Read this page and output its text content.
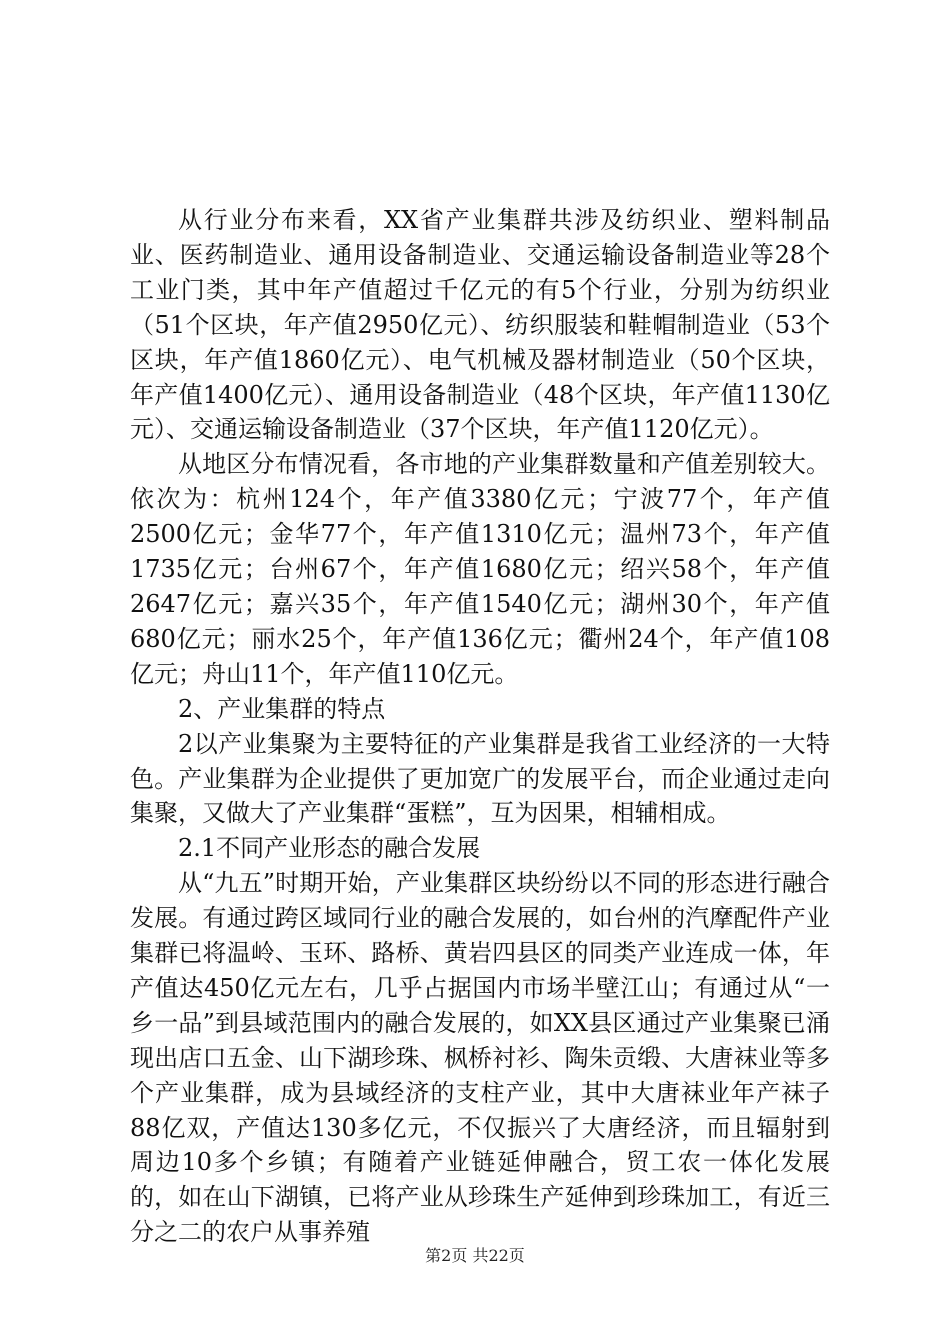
从行业分布来看，XX省产业集群共涉及纺织业、塑料制品业、医药制造业、通用设备制造业、交通运输设备制造业等28个工业门类，其中年产值超过千亿元的有5个行业，分别为纺织业（51个区块，年产值2950亿元）、纺织服装和鞋帽制造业（53个区块，年产值1860亿元）、电气机械及器材制造业（50个区块，年产值1400亿元）、通用设备制造业（48个区块，年产值1130亿元）、交通运输设备制造业（37个区块，年产值1120亿元）。

从地区分布情况看，各市地的产业集群数量和产值差别较大。依次为：杭州124个，年产值3380亿元；宁波77个，年产值2500亿元；金华77个，年产值1310亿元；温州73个，年产值1735亿元；台州67个，年产值1680亿元；绍兴58个，年产值2647亿元；嘉兴35个，年产值1540亿元；湖州30个，年产值680亿元；丽水25个，年产值136亿元；衢州24个，年产值108亿元；舟山11个，年产值110亿元。

2、产业集群的特点

2以产业集聚为主要特征的产业集群是我省工业经济的一大特色。产业集群为企业提供了更加宽广的发展平台，而企业通过走向集聚，又做大了产业集群“蛋糕”，互为因果，相辅相成。

2.1不同产业形态的融合发展

从“九五”时期开始，产业集群区块纷纷以不同的形态进行融合发展。有通过跨区域同行业的融合发展的，如台州的汽摩配件产业集群已将温岭、玉环、路桥、黄岩四县区的同类产业连成一体，年产值达450亿元左右，几乎占据国内市场半壁江山；有通过从“一乡一品”到县域范围内的融合发展的，如XX县区通过产业集聚已涌现出店口五金、山下湖珍珠、枫桥衬衫、陶朱贡缎、大唐袜业等多个产业集群，成为县域经济的支柱产业，其中大唐袜业年产袜子88亿双，产值达130多亿元，不仅振兴了大唐经济，而且辐射到周边10多个乡镇；有随着产业链延伸融合，贸工农一体化发展的，如在山下湖镇，已将产业从珍珠生产延伸到珍珠加工，有近三分之二的农户从事养殖

第2页 共22页
